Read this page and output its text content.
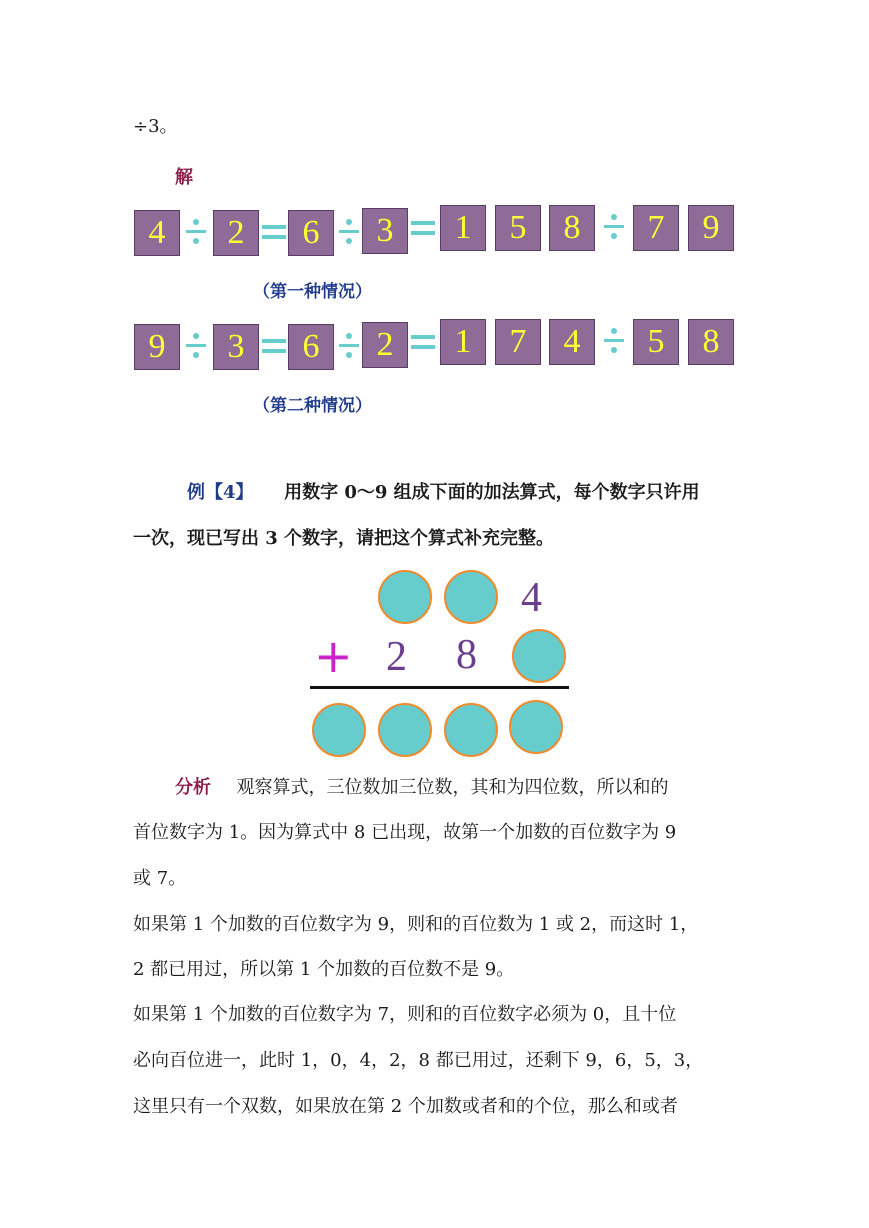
÷3。
解
4	2	6	3	1	5	8	7	9
（第一种情况）
9	3	6	2	1	7	4	5	8
（第二种情况）
例【4】 用数字 0～9 组成下面的加法算式，每个数字只许用
一次，现已写出 3 个数字，请把这个算式补充完整。
4
+ 2 8
分析 观察算式，三位数加三位数，其和为四位数，所以和的
首位数字为 1。因为算式中 8 已出现，故第一个加数的百位数字为 9
或 7。
如果第 1 个加数的百位数字为 9，则和的百位数为 1 或 2，而这时 1，
2 都已用过，所以第 1 个加数的百位数不是 9。
如果第 1 个加数的百位数字为 7，则和的百位数字必须为 0，且十位
必向百位进一，此时 1，0，4，2，8 都已用过，还剩下 9，6，5，3，
这里只有一个双数，如果放在第 2 个加数或者和的个位，那么和或者
